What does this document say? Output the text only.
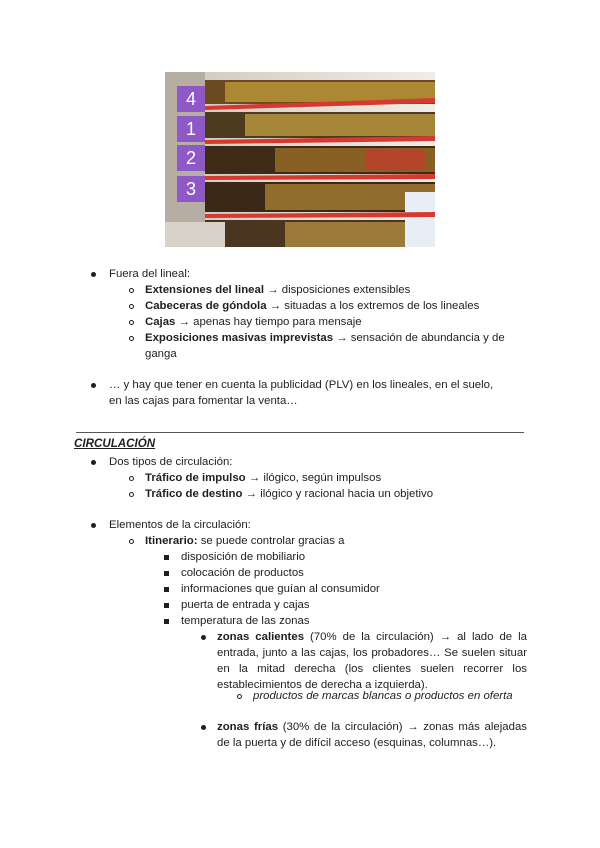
4
1
2
3
Fuera del lineal:
Extensiones del lineal → disposiciones extensibles
Cabeceras de góndola → situadas a los extremos de los lineales
Cajas → apenas hay tiempo para mensaje
Exposiciones masivas imprevistas → sensación de abundancia y de
ganga
… y hay que tener en cuenta la publicidad (PLV) en los lineales, en el suelo,
en las cajas para fomentar la venta…
CIRCULACIÓN
Dos tipos de circulación:
Tráfico de impulso → ilógico, según impulsos
Tráfico de destino → ilógico y racional hacia un objetivo
Elementos de la circulación:
Itinerario: se puede controlar gracias a
disposición de mobiliario
colocación de productos
informaciones que guían al consumidor
puerta de entrada y cajas
temperatura de las zonas
zonas calientes (70% de la circulación) → al lado de la entrada, junto a las cajas, los probadores… Se suelen situar en la mitad derecha (los clientes suelen recorrer los establecimientos de derecha a izquierda).
productos de marcas blancas o productos en oferta
zonas frías (30% de la circulación) → zonas más alejadas de la puerta y de difícil acceso (esquinas, columnas…).
